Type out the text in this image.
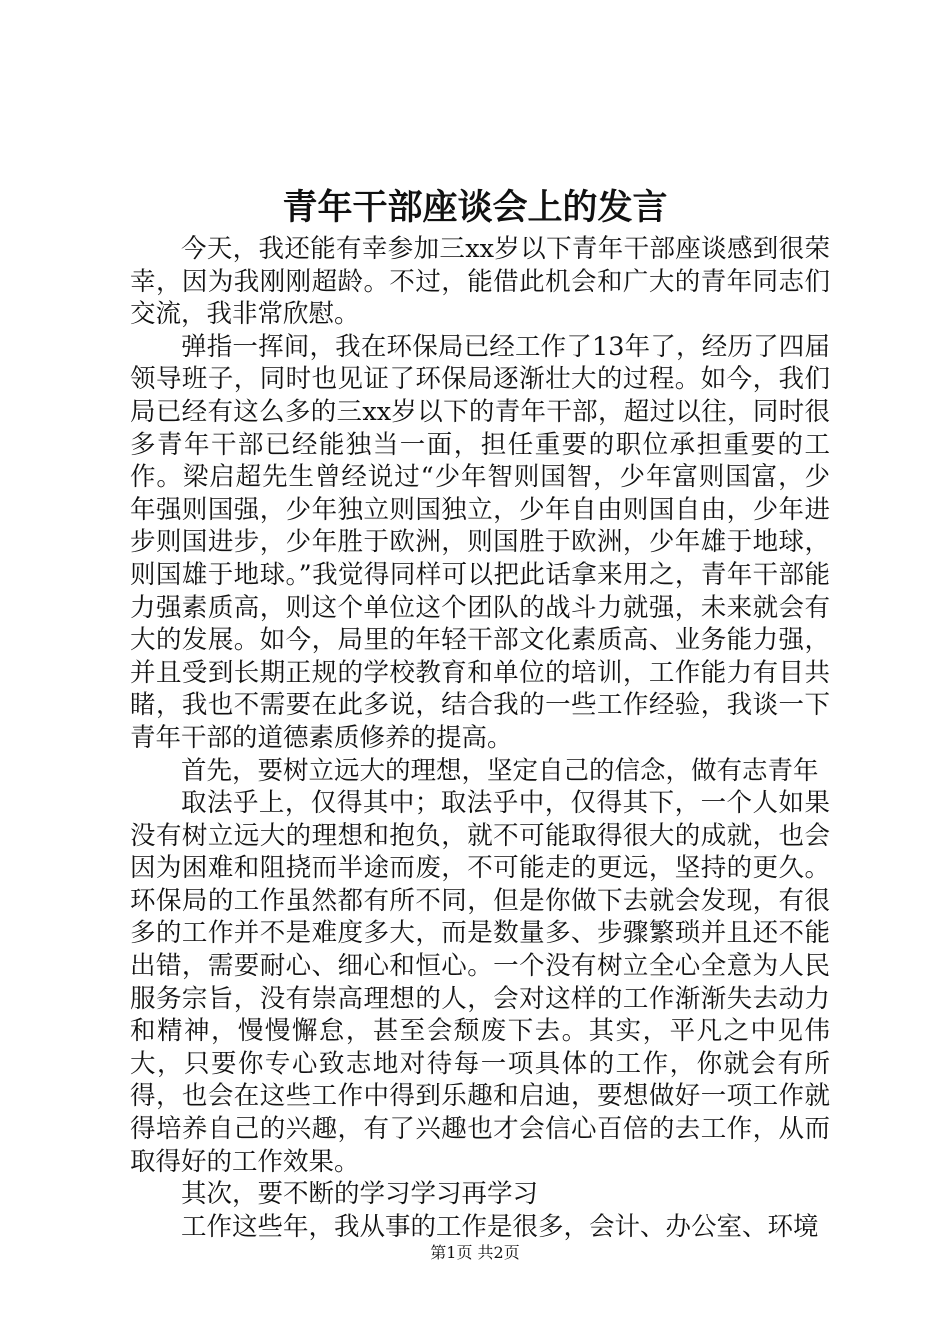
青年干部座谈会上的发言

今天，我还能有幸参加三xx岁以下青年干部座谈感到很荣幸，因为我刚刚超龄。不过，能借此机会和广大的青年同志们交流，我非常欣慰。

弹指一挥间，我在环保局已经工作了13年了，经历了四届领导班子，同时也见证了环保局逐渐壮大的过程。如今，我们局已经有这么多的三xx岁以下的青年干部，超过以往，同时很多青年干部已经能独当一面，担任重要的职位承担重要的工作。梁启超先生曾经说过“少年智则国智，少年富则国富，少年强则国强，少年独立则国独立，少年自由则国自由，少年进步则国进步，少年胜于欧洲，则国胜于欧洲，少年雄于地球，则国雄于地球。”我觉得同样可以把此话拿来用之，青年干部能力强素质高，则这个单位这个团队的战斗力就强，未来就会有大的发展。如今，局里的年轻干部文化素质高、业务能力强，并且受到长期正规的学校教育和单位的培训，工作能力有目共睹，我也不需要在此多说，结合我的一些工作经验，我谈一下青年干部的道德素质修养的提高。

首先，要树立远大的理想，坚定自己的信念，做有志青年

取法乎上，仅得其中；取法乎中，仅得其下，一个人如果没有树立远大的理想和抱负，就不可能取得很大的成就，也会因为困难和阻挠而半途而废，不可能走的更远，坚持的更久。环保局的工作虽然都有所不同，但是你做下去就会发现，有很多的工作并不是难度多大，而是数量多、步骤繁琐并且还不能出错，需要耐心、细心和恒心。一个没有树立全心全意为人民服务宗旨，没有崇高理想的人，会对这样的工作渐渐失去动力和精神，慢慢懈怠，甚至会颓废下去。其实，平凡之中见伟大，只要你专心致志地对待每一项具体的工作，你就会有所得，也会在这些工作中得到乐趣和启迪，要想做好一项工作就得培养自己的兴趣，有了兴趣也才会信心百倍的去工作，从而取得好的工作效果。

其次，要不断的学习学习再学习

工作这些年，我从事的工作是很多，会计、办公室、环境

第1页 共2页
